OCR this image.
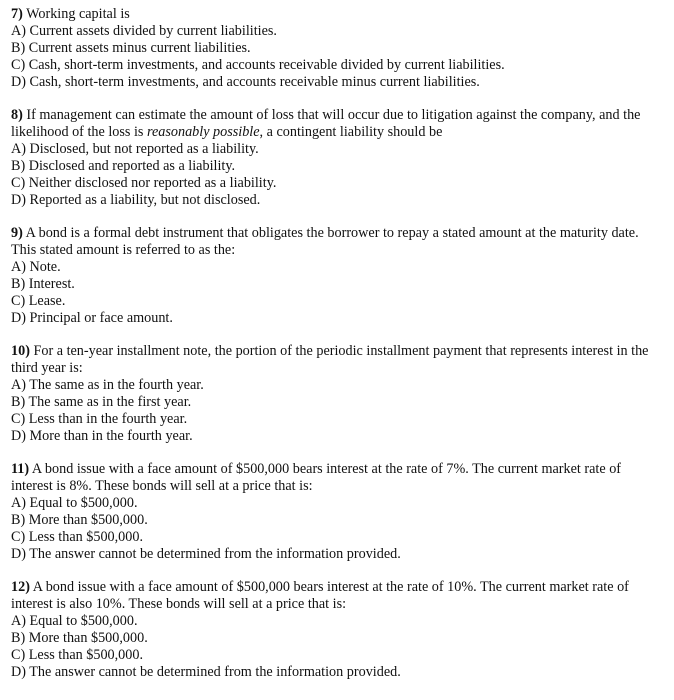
7) Working capital is

A) Current assets divided by current liabilities.

B) Current assets minus current liabilities.

C) Cash, short-term investments, and accounts receivable divided by current liabilities.

D) Cash, short-term investments, and accounts receivable minus current liabilities.

8) If management can estimate the amount of loss that will occur due to litigation against the company, and the likelihood of the loss is reasonably possible, a contingent liability should be

A) Disclosed, but not reported as a liability.

B) Disclosed and reported as a liability.

C) Neither disclosed nor reported as a liability.

D) Reported as a liability, but not disclosed.

9) A bond is a formal debt instrument that obligates the borrower to repay a stated amount at the maturity date. This stated amount is referred to as the:

A) Note.

B) Interest.

C) Lease.

D) Principal or face amount.

10) For a ten-year installment note, the portion of the periodic installment payment that represents interest in the third year is:

A) The same as in the fourth year.

B) The same as in the first year.

C) Less than in the fourth year.

D) More than in the fourth year.

11) A bond issue with a face amount of $500,000 bears interest at the rate of 7%. The current market rate of interest is 8%. These bonds will sell at a price that is:

A) Equal to $500,000.

B) More than $500,000.

C) Less than $500,000.

D) The answer cannot be determined from the information provided.

12) A bond issue with a face amount of $500,000 bears interest at the rate of 10%. The current market rate of interest is also 10%. These bonds will sell at a price that is:

A) Equal to $500,000.

B) More than $500,000.

C) Less than $500,000.

D) The answer cannot be determined from the information provided.
